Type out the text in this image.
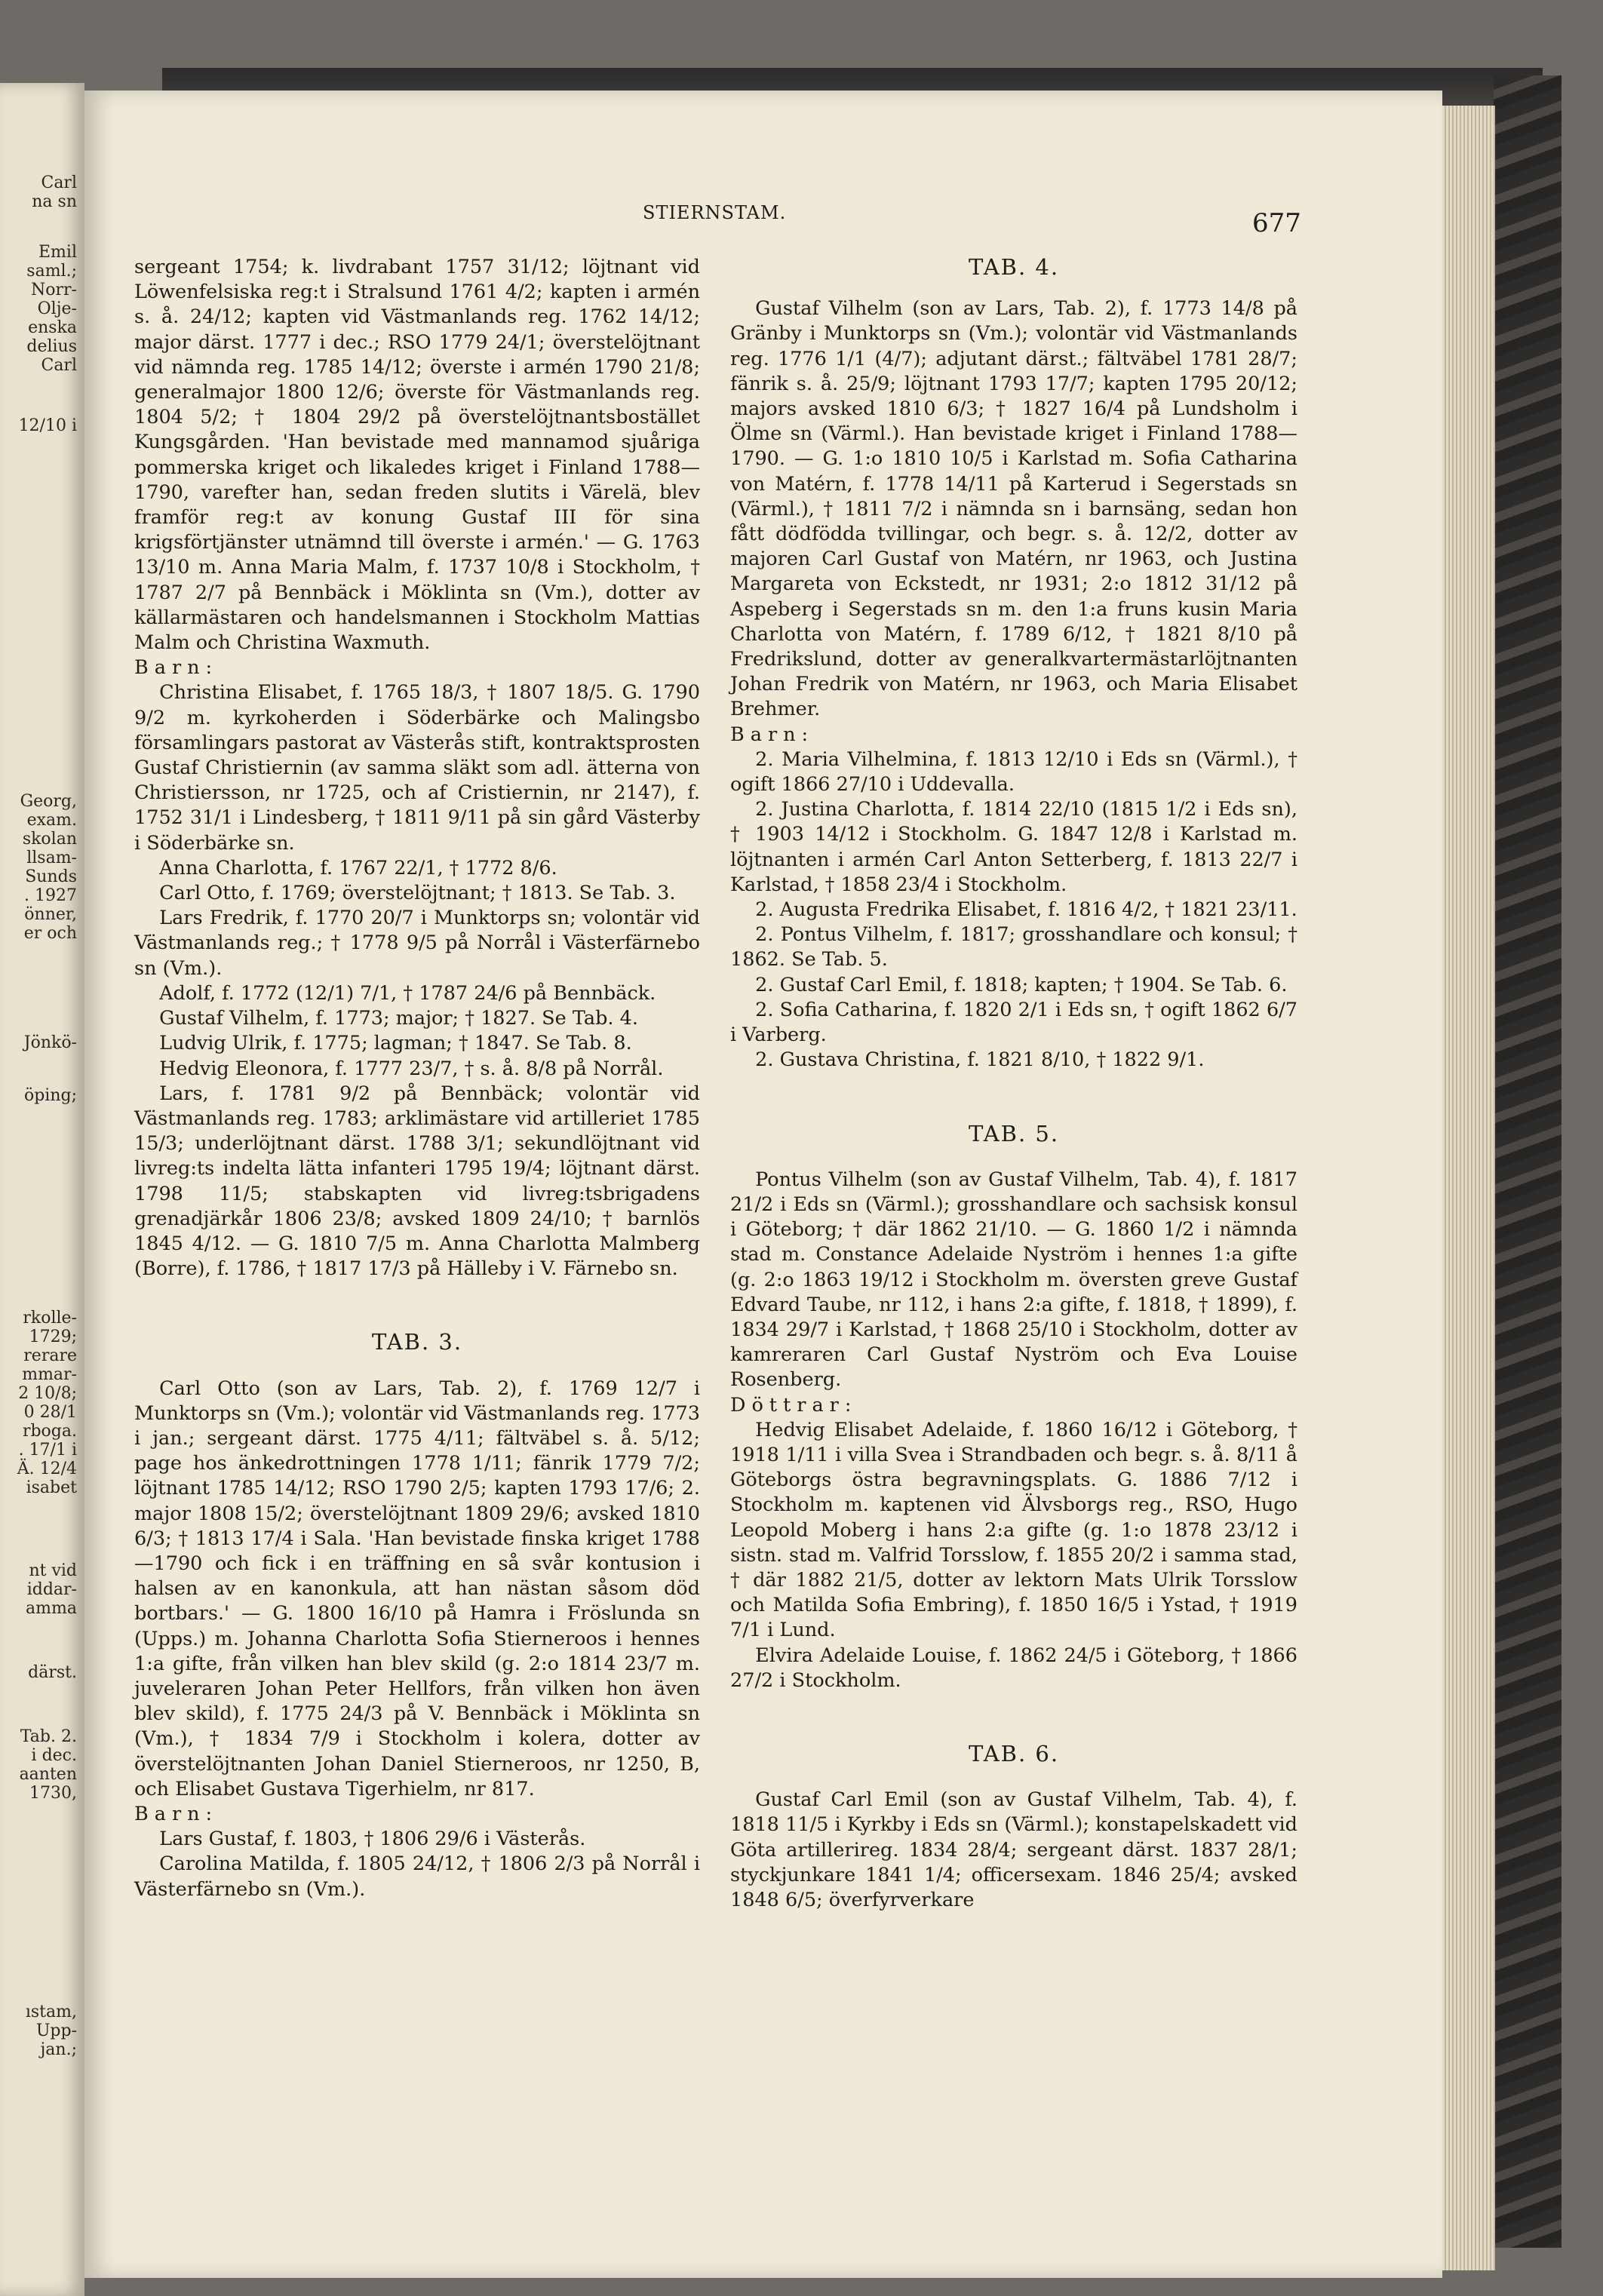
Carl
na sn
Emil
saml.;
Norr-
Olje-
enska
delius
Carl
12/10 i
Georg,
exam.
skolan
llsam-
Sunds
. 1927
önner,
er och
Jönkö-
öping;
rkolle-
1729;
rerare
mmar-
2 10/8;
0 28/1
rboga.
. 17/1 i
Ä. 12/4
isabet
nt vid
iddar-
amma
därst.
Tab. 2.
i dec.
aanten
1730,
ıstam,
Upp-
jan.;
STIERNSTAM.	677

sergeant 1754; k. livdrabant 1757 31/12; löjtnant vid Löwenfelsiska reg:t i Stralsund 1761 4/2; kapten i armén s. å. 24/12; kapten vid Västmanlands reg. 1762 14/12; major därst. 1777 i dec.; RSO 1779 24/1; överstelöjtnant vid nämnda reg. 1785 14/12; överste i armén 1790 21/8; generalmajor 1800 12/6; överste för Västmanlands reg. 1804 5/2; † 1804 29/2 på överstelöjtnantsbostället Kungsgården. 'Han bevistade med mannamod sjuåriga pommerska kriget och likaledes kriget i Finland 1788—1790, varefter han, sedan freden slutits i Värelä, blev framför reg:t av konung Gustaf III för sina krigsförtjänster utnämnd till överste i armén.' — G. 1763 13/10 m. Anna Maria Malm, f. 1737 10/8 i Stockholm, † 1787 2/7 på Bennbäck i Möklinta sn (Vm.), dotter av källarmästaren och handelsmannen i Stockholm Mattias Malm och Christina Waxmuth.

Barn:

Christina Elisabet, f. 1765 18/3, † 1807 18/5. G. 1790 9/2 m. kyrkoherden i Söderbärke och Malingsbo församlingars pastorat av Västerås stift, kontraktsprosten Gustaf Christiernin (av samma släkt som adl. ätterna von Christiersson, nr 1725, och af Cristiernin, nr 2147), f. 1752 31/1 i Lindesberg, † 1811 9/11 på sin gård Västerby i Söderbärke sn.

Anna Charlotta, f. 1767 22/1, † 1772 8/6.

Carl Otto, f. 1769; överstelöjtnant; † 1813. Se Tab. 3.

Lars Fredrik, f. 1770 20/7 i Munktorps sn; volontär vid Västmanlands reg.; † 1778 9/5 på Norrål i Västerfärnebo sn (Vm.).

Adolf, f. 1772 (12/1) 7/1, † 1787 24/6 på Bennbäck.

Gustaf Vilhelm, f. 1773; major; † 1827. Se Tab. 4.

Ludvig Ulrik, f. 1775; lagman; † 1847. Se Tab. 8.

Hedvig Eleonora, f. 1777 23/7, † s. å. 8/8 på Norrål.

Lars, f. 1781 9/2 på Bennbäck; volontär vid Västmanlands reg. 1783; arklimästare vid artilleriet 1785 15/3; underlöjtnant därst. 1788 3/1; sekundlöjtnant vid livreg:ts indelta lätta infanteri 1795 19/4; löjtnant därst. 1798 11/5; stabskapten vid livreg:tsbrigadens grenadjärkår 1806 23/8; avsked 1809 24/10; † barnlös 1845 4/12. — G. 1810 7/5 m. Anna Charlotta Malmberg (Borre), f. 1786, † 1817 17/3 på Hälleby i V. Färnebo sn.

TAB. 3.

Carl Otto (son av Lars, Tab. 2), f. 1769 12/7 i Munktorps sn (Vm.); volontär vid Västmanlands reg. 1773 i jan.; sergeant därst. 1775 4/11; fältväbel s. å. 5/12; page hos änkedrottningen 1778 1/11; fänrik 1779 7/2; löjtnant 1785 14/12; RSO 1790 2/5; kapten 1793 17/6; 2. major 1808 15/2; överstelöjtnant 1809 29/6; avsked 1810 6/3; † 1813 17/4 i Sala. 'Han bevistade finska kriget 1788—1790 och fick i en träffning en så svår kontusion i halsen av en kanonkula, att han nästan såsom död bortbars.' — G. 1800 16/10 på Hamra i Fröslunda sn (Upps.) m. Johanna Charlotta Sofia Stierneroos i hennes 1:a gifte, från vilken han blev skild (g. 2:o 1814 23/7 m. juveleraren Johan Peter Hellfors, från vilken hon även blev skild), f. 1775 24/3 på V. Bennbäck i Möklinta sn (Vm.), † 1834 7/9 i Stockholm i kolera, dotter av överstelöjtnanten Johan Daniel Stierneroos, nr 1250, B, och Elisabet Gustava Tigerhielm, nr 817.

Barn:

Lars Gustaf, f. 1803, † 1806 29/6 i Västerås.

Carolina Matilda, f. 1805 24/12, † 1806 2/3 på Norrål i Västerfärnebo sn (Vm.).

TAB. 4.

Gustaf Vilhelm (son av Lars, Tab. 2), f. 1773 14/8 på Gränby i Munktorps sn (Vm.); volontär vid Västmanlands reg. 1776 1/1 (4/7); adjutant därst.; fältväbel 1781 28/7; fänrik s. å. 25/9; löjtnant 1793 17/7; kapten 1795 20/12; majors avsked 1810 6/3; † 1827 16/4 på Lundsholm i Ölme sn (Värml.). Han bevistade kriget i Finland 1788—1790. — G. 1:o 1810 10/5 i Karlstad m. Sofia Catharina von Matérn, f. 1778 14/11 på Karterud i Segerstads sn (Värml.), † 1811 7/2 i nämnda sn i barnsäng, sedan hon fått dödfödda tvillingar, och begr. s. å. 12/2, dotter av majoren Carl Gustaf von Matérn, nr 1963, och Justina Margareta von Eckstedt, nr 1931; 2:o 1812 31/12 på Aspeberg i Segerstads sn m. den 1:a fruns kusin Maria Charlotta von Matérn, f. 1789 6/12, † 1821 8/10 på Fredrikslund, dotter av generalkvartermästarlöjtnanten Johan Fredrik von Matérn, nr 1963, och Maria Elisabet Brehmer.

Barn:

2. Maria Vilhelmina, f. 1813 12/10 i Eds sn (Värml.), † ogift 1866 27/10 i Uddevalla.

2. Justina Charlotta, f. 1814 22/10 (1815 1/2 i Eds sn), † 1903 14/12 i Stockholm. G. 1847 12/8 i Karlstad m. löjtnanten i armén Carl Anton Setterberg, f. 1813 22/7 i Karlstad, † 1858 23/4 i Stockholm.

2. Augusta Fredrika Elisabet, f. 1816 4/2, † 1821 23/11.

2. Pontus Vilhelm, f. 1817; grosshandlare och konsul; † 1862. Se Tab. 5.

2. Gustaf Carl Emil, f. 1818; kapten; † 1904. Se Tab. 6.

2. Sofia Catharina, f. 1820 2/1 i Eds sn, † ogift 1862 6/7 i Varberg.

2. Gustava Christina, f. 1821 8/10, † 1822 9/1.

TAB. 5.

Pontus Vilhelm (son av Gustaf Vilhelm, Tab. 4), f. 1817 21/2 i Eds sn (Värml.); grosshandlare och sachsisk konsul i Göteborg; † där 1862 21/10. — G. 1860 1/2 i nämnda stad m. Constance Adelaide Nyström i hennes 1:a gifte (g. 2:o 1863 19/12 i Stockholm m. översten greve Gustaf Edvard Taube, nr 112, i hans 2:a gifte, f. 1818, † 1899), f. 1834 29/7 i Karlstad, † 1868 25/10 i Stockholm, dotter av kamreraren Carl Gustaf Nyström och Eva Louise Rosenberg.

Döttrar:

Hedvig Elisabet Adelaide, f. 1860 16/12 i Göteborg, † 1918 1/11 i villa Svea i Strandbaden och begr. s. å. 8/11 å Göteborgs östra begravningsplats. G. 1886 7/12 i Stockholm m. kaptenen vid Älvsborgs reg., RSO, Hugo Leopold Moberg i hans 2:a gifte (g. 1:o 1878 23/12 i sistn. stad m. Valfrid Torsslow, f. 1855 20/2 i samma stad, † där 1882 21/5, dotter av lektorn Mats Ulrik Torsslow och Matilda Sofia Embring), f. 1850 16/5 i Ystad, † 1919 7/1 i Lund.

Elvira Adelaide Louise, f. 1862 24/5 i Göteborg, † 1866 27/2 i Stockholm.

TAB. 6.

Gustaf Carl Emil (son av Gustaf Vilhelm, Tab. 4), f. 1818 11/5 i Kyrkby i Eds sn (Värml.); konstapelskadett vid Göta artillerireg. 1834 28/4; sergeant därst. 1837 28/1; styckjunkare 1841 1/4; officersexam. 1846 25/4; avsked 1848 6/5; överfyrverkare
